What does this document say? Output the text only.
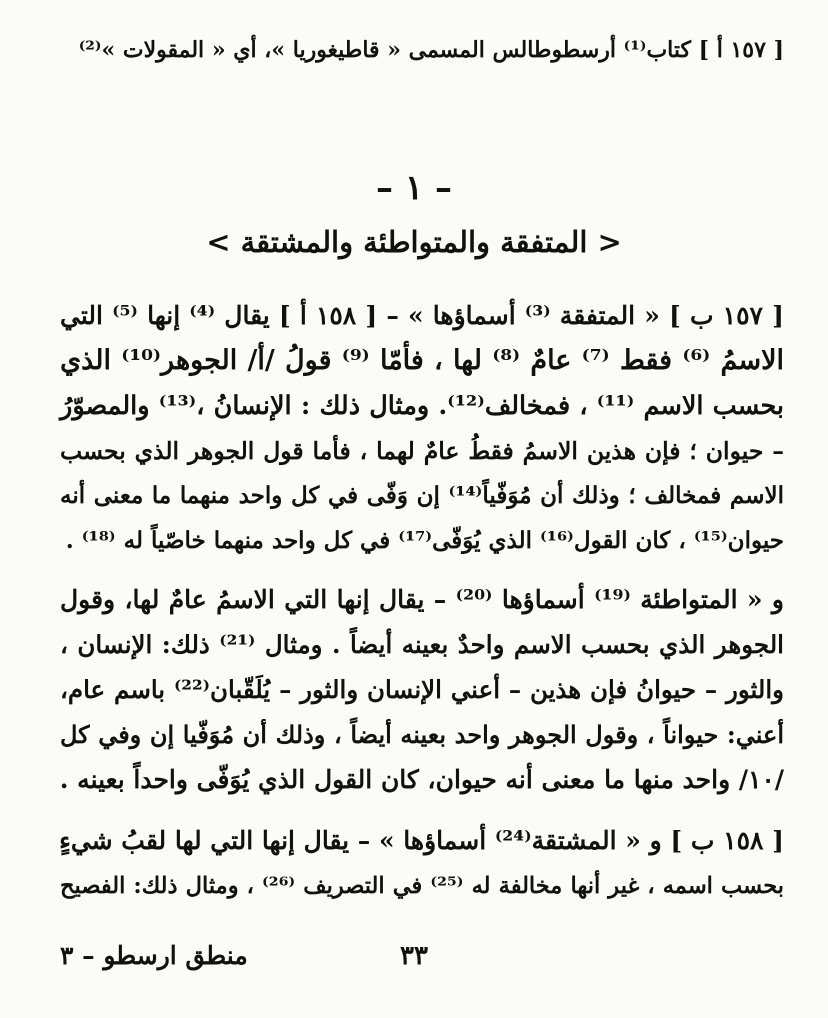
[ ١٥٧ أ ] كتاب⁽¹⁾ أرسطوطالس المسمى « قاطيغوريا »، أي « المقولات »⁽²⁾
– ١ –
< المتفقة والمتواطئة والمشتقة >
[ ١٥٧ ب ] « المتفقة ⁽³⁾ أسماؤها » – [ ١٥٨ أ ] يقال ⁽⁴⁾ إنها ⁽⁵⁾ التي
الاسمُ ⁽⁶⁾ فقط ⁽⁷⁾ عامٌ ⁽⁸⁾ لها ، فأمّا ⁽⁹⁾ قولُ /أ/ الجوهر⁽¹⁰⁾ الذي
بحسب الاسم ⁽¹¹⁾ ، فمخالف⁽¹²⁾. ومثال ذلك : الإنسانُ ،⁽¹³⁾ والمصوّرُ
– حيوان ؛ فإن هذين الاسمُ فقطُ عامٌ لهما ، فأما قول الجوهر الذي بحسب
الاسم فمخالف ؛ وذلك أن مُوَفّياً⁽¹⁴⁾ إن وَفّى في كل واحد منهما ما معنى أنه
حيوان⁽¹⁵⁾ ، كان القول⁽¹⁶⁾ الذي يُوَفّى⁽¹⁷⁾ في كل واحد منهما خاصّياً له ⁽¹⁸⁾ .
و « المتواطئة ⁽¹⁹⁾ أسماؤها ⁽²⁰⁾ – يقال إنها التي الاسمُ عامٌ لها، وقول
الجوهر الذي بحسب الاسم واحدٌ بعينه أيضاً . ومثال ⁽²¹⁾ ذلك: الإنسان ،
والثور – حيوانُ فإن هذين – أعني الإنسان والثور – يُلَقّبان⁽²²⁾ باسم عام،
أعني: حيواناً ، وقول الجوهر واحد بعينه أيضاً ، وذلك أن مُوَفّيا إن وفي كل
/١٠/ واحد منها ما معنى أنه حيوان، كان القول الذي يُوَفّى واحداً بعينه .
[ ١٥٨ ب ] و « المشتقة⁽²⁴⁾ أسماؤها » – يقال إنها التي لها لقبُ شيءٍ
بحسب اسمه ، غير أنها مخالفة له ⁽²⁵⁾ في التصريف ⁽²⁶⁾ ، ومثال ذلك: الفصيح
٣٣
منطق ارسطو – ٣
